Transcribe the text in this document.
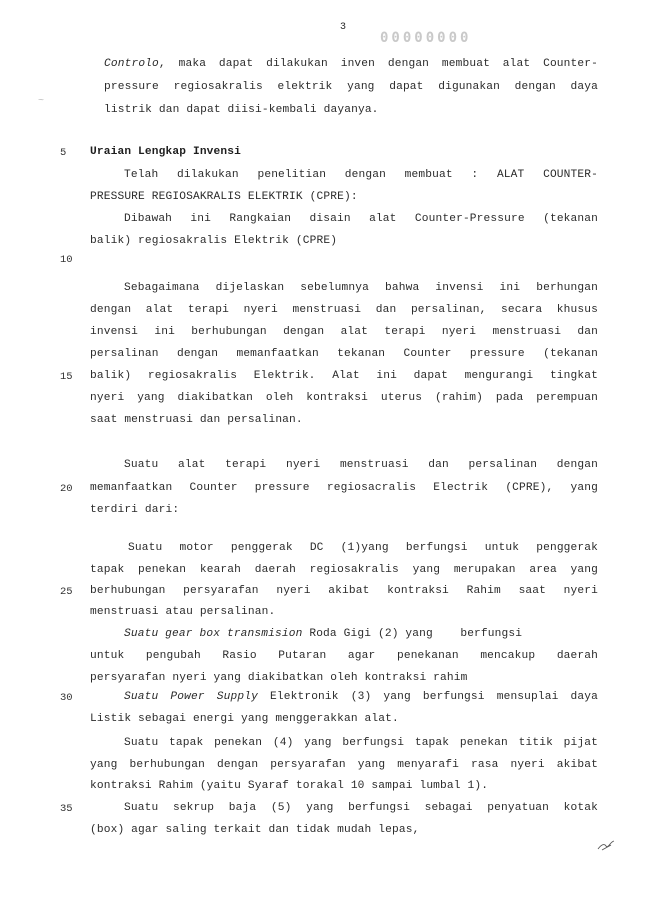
3
00000000
~
Controlo, maka dapat dilakukan inven dengan membuat alat Counter-
pressure regiosakralis elektrik yang dapat digunakan dengan daya
listrik dan dapat diisi-kembali dayanya.
5 Uraian Lengkap Invensi
Telah dilakukan penelitian dengan membuat : ALAT COUNTER-
PRESSURE REGIOSAKRALIS ELEKTRIK (CPRE):
Dibawah ini Rangkaian disain alat Counter-Pressure (tekanan
balik) regiosakralis Elektrik (CPRE)
10
Sebagaimana dijelaskan sebelumnya bahwa invensi ini berhungan
dengan alat terapi nyeri menstruasi dan persalinan, secara khusus
invensi ini berhubungan dengan alat terapi nyeri menstruasi dan
persalinan dengan memanfaatkan tekanan Counter pressure (tekanan
15 balik) regiosakralis Elektrik. Alat ini dapat mengurangi tingkat
nyeri yang diakibatkan oleh kontraksi uterus (rahim) pada perempuan
saat menstruasi dan persalinan.
Suatu alat terapi nyeri menstruasi dan persalinan dengan
20 memanfaatkan Counter pressure regiosacralis Electrik (CPRE), yang
terdiri dari:
Suatu motor penggerak DC (1)yang berfungsi untuk penggerak
tapak penekan kearah daerah regiosakralis yang merupakan area yang
25 berhubungan persyarafan nyeri akibat kontraksi Rahim saat nyeri
menstruasi atau persalinan.
Suatu gear box transmision Roda Gigi (2) yang    berfungsi
untuk pengubah Rasio Putaran agar penekanan mencakup daerah
persyarafan nyeri yang diakibatkan oleh kontraksi rahim
30	Suatu Power Supply Elektronik (3) yang berfungsi mensuplai daya
Listik sebagai energi yang menggerakkan alat.
Suatu tapak penekan (4) yang berfungsi tapak penekan titik pijat
yang berhubungan dengan persyarafan yang menyarafi rasa nyeri akibat
kontraksi Rahim (yaitu Syaraf torakal 10 sampai lumbal 1).
35	Suatu sekrup baja (5) yang berfungsi sebagai penyatuan kotak
(box) agar saling terkait dan tidak mudah lepas,
